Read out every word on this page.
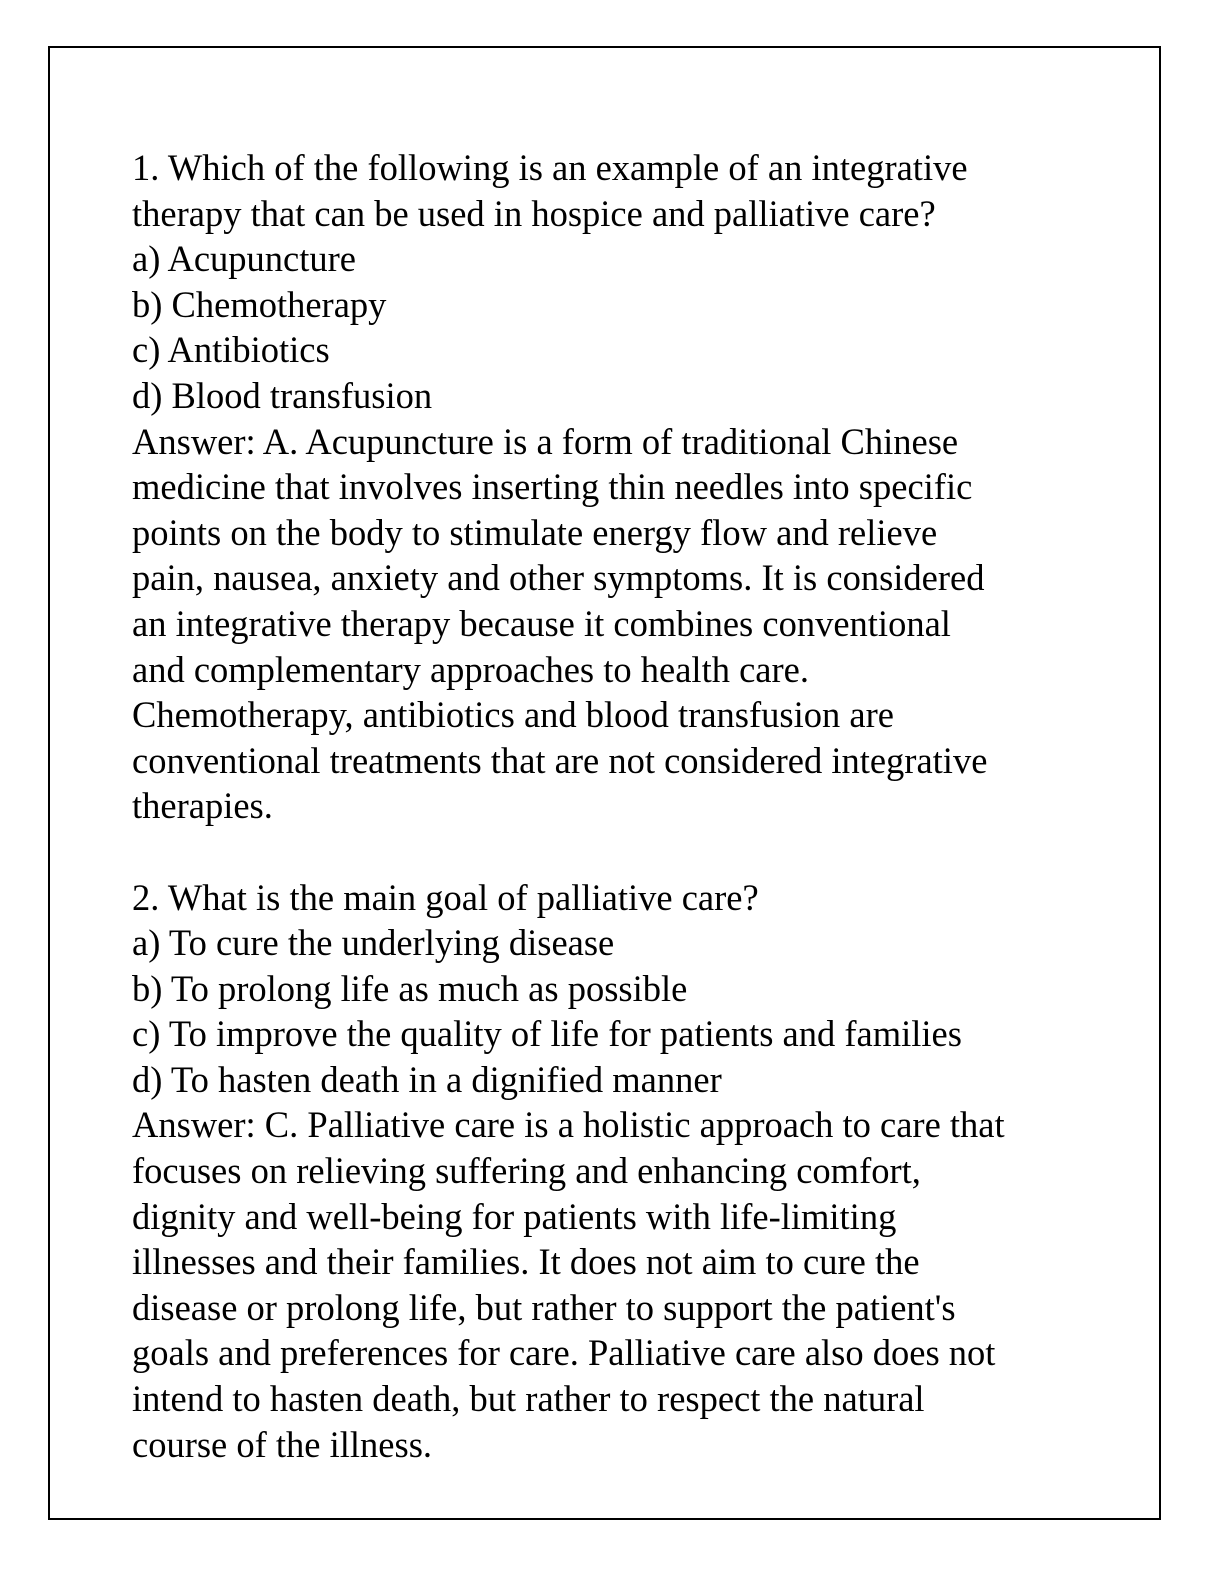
1. Which of the following is an example of an integrative
therapy that can be used in hospice and palliative care?
a) Acupuncture
b) Chemotherapy
c) Antibiotics
d) Blood transfusion
Answer: A. Acupuncture is a form of traditional Chinese
medicine that involves inserting thin needles into specific
points on the body to stimulate energy flow and relieve
pain, nausea, anxiety and other symptoms. It is considered
an integrative therapy because it combines conventional
and complementary approaches to health care.
Chemotherapy, antibiotics and blood transfusion are
conventional treatments that are not considered integrative
therapies.
2. What is the main goal of palliative care?
a) To cure the underlying disease
b) To prolong life as much as possible
c) To improve the quality of life for patients and families
d) To hasten death in a dignified manner
Answer: C. Palliative care is a holistic approach to care that
focuses on relieving suffering and enhancing comfort,
dignity and well-being for patients with life-limiting
illnesses and their families. It does not aim to cure the
disease or prolong life, but rather to support the patient's
goals and preferences for care. Palliative care also does not
intend to hasten death, but rather to respect the natural
course of the illness.
